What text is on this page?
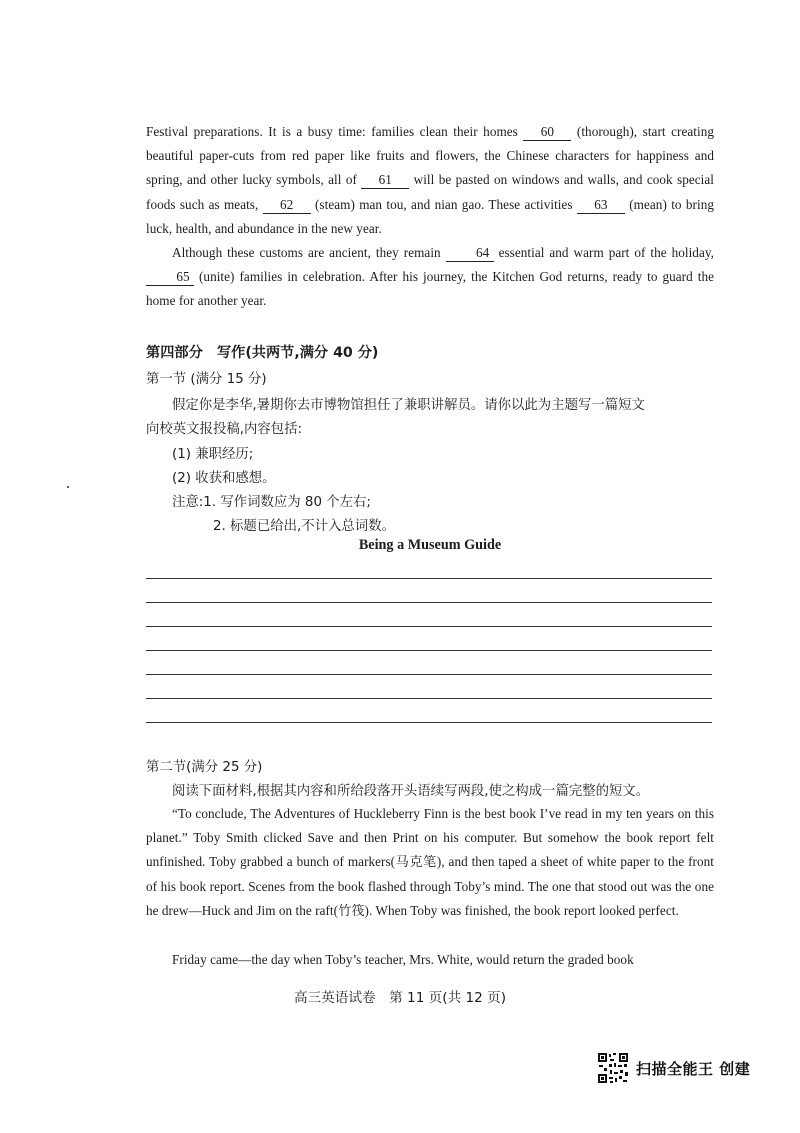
Festival preparations. It is a busy time: families clean their homes 60 (thorough), start creating beautiful paper-cuts from red paper like fruits and flowers, the Chinese characters for happiness and spring, and other lucky symbols, all of 61 will be pasted on windows and walls, and cook special foods such as meats, 62 (steam) man tou, and nian gao. These activities 63 (mean) to bring luck, health, and abundance in the new year.

Although these customs are ancient, they remain 64 essential and warm part of the holiday, 65 (unite) families in celebration. After his journey, the Kitchen God returns, ready to guard the home for another year.

第四部分　写作(共两节,满分 40 分)
第一节 (满分 15 分)
假定你是李华,暑期你去市博物馆担任了兼职讲解员。请你以此为主题写一篇短文
向校英文报投稿,内容包括:
(1) 兼职经历;
(2) 收获和感想。
注意:1. 写作词数应为 80 个左右;
2. 标题已给出,不计入总词数。
Being a Museum Guide
第二节(满分 25 分)
阅读下面材料,根据其内容和所给段落开头语续写两段,使之构成一篇完整的短文。

“To conclude, The Adventures of Huckleberry Finn is the best book I’ve read in my ten years on this planet.” Toby Smith clicked Save and then Print on his computer. But somehow the book report felt unfinished. Toby grabbed a bunch of markers(马克笔), and then taped a sheet of white paper to the front of his book report. Scenes from the book flashed through Toby’s mind. The one that stood out was the one he drew—Huck and Jim on the raft(竹筏). When Toby was finished, the book report looked perfect.

Friday came—the day when Toby’s teacher, Mrs. White, would return the graded book

高三英语试卷　第 11 页(共 12 页)
扫描全能王 创建
